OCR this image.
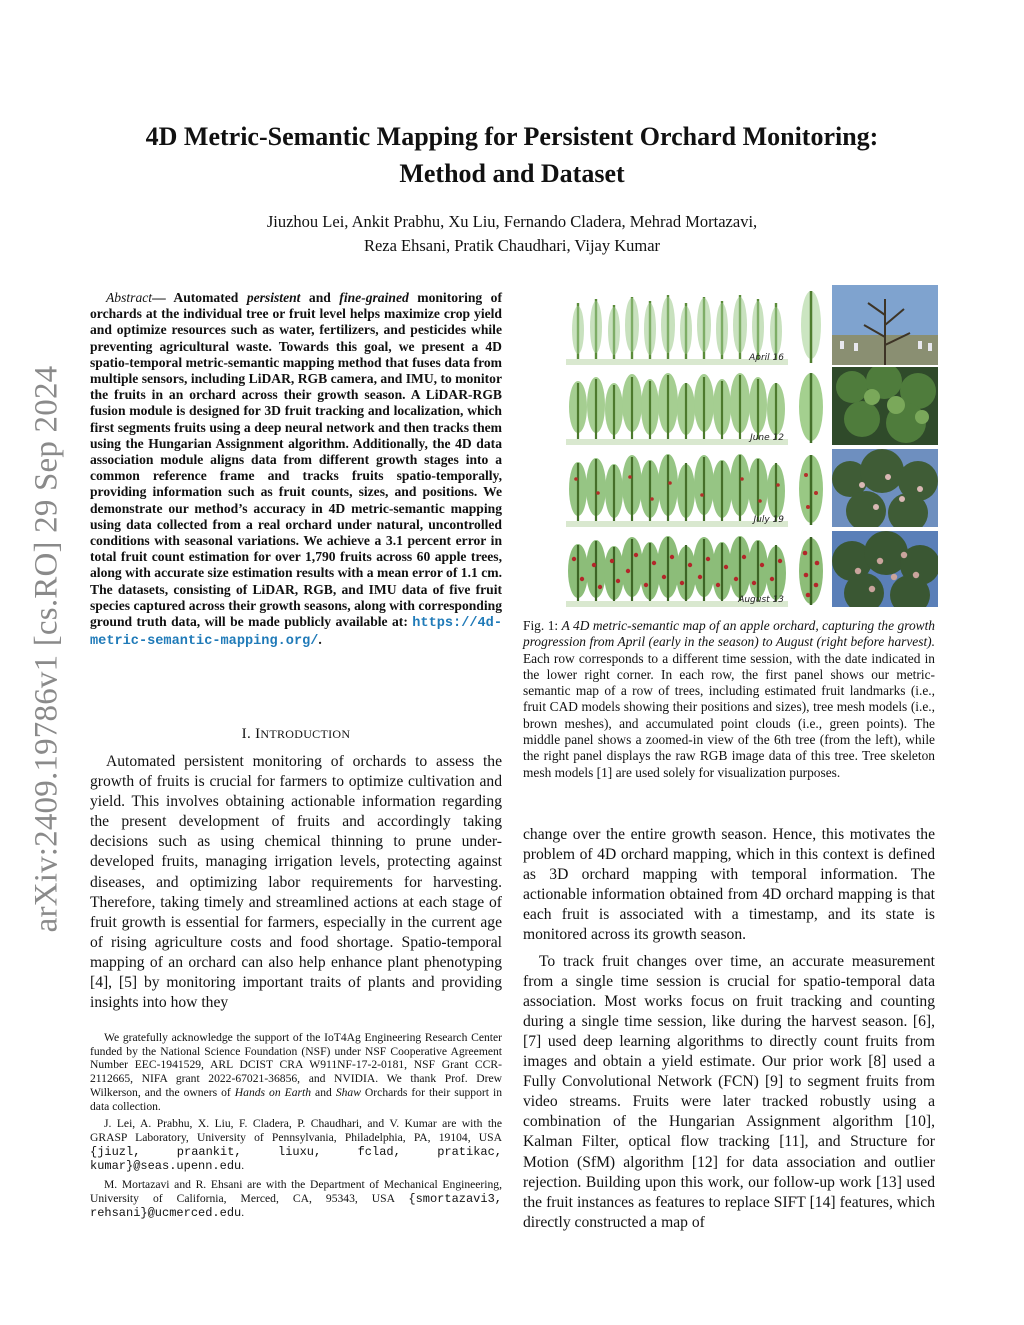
arXiv:2409.19786v1 [cs.RO] 29 Sep 2024
4D Metric-Semantic Mapping for Persistent Orchard Monitoring:
Method and Dataset
Jiuzhou Lei, Ankit Prabhu, Xu Liu, Fernando Cladera, Mehrad Mortazavi,
Reza Ehsani, Pratik Chaudhari, Vijay Kumar
Abstract— Automated persistent and fine-grained monitoring of orchards at the individual tree or fruit level helps maximize crop yield and optimize resources such as water, fertilizers, and pesticides while preventing agricultural waste. Towards this goal, we present a 4D spatio-temporal metric-semantic mapping method that fuses data from multiple sensors, including LiDAR, RGB camera, and IMU, to monitor the fruits in an orchard across their growth season. A LiDAR-RGB fusion module is designed for 3D fruit tracking and localization, which first segments fruits using a deep neural network and then tracks them using the Hungarian Assignment algorithm. Additionally, the 4D data association module aligns data from different growth stages into a common reference frame and tracks fruits spatio-temporally, providing information such as fruit counts, sizes, and positions. We demonstrate our method’s accuracy in 4D metric-semantic mapping using data collected from a real orchard under natural, uncontrolled conditions with seasonal variations. We achieve a 3.1 percent error in total fruit count estimation for over 1,790 fruits across 60 apple trees, along with accurate size estimation results with a mean error of 1.1 cm. The datasets, consisting of LiDAR, RGB, and IMU data of five fruit species captured across their growth seasons, along with corresponding ground truth data, will be made publicly available at: https://4d-metric-semantic-mapping.org/.
I. INTRODUCTION

Automated persistent monitoring of orchards to assess the growth of fruits is crucial for farmers to optimize cultivation and yield. This involves obtaining actionable information regarding the present development of fruits and accordingly taking decisions such as using chemical thinning to prune under-developed fruits, managing irrigation levels, protecting against diseases, and optimizing labor requirements for harvesting. Therefore, taking timely and streamlined actions at each stage of fruit growth is essential for farmers, especially in the current age of rising agriculture costs and food shortage. Spatio-temporal mapping of an orchard can also help enhance plant phenotyping [4], [5] by monitoring important traits of plants and providing insights into how they

We gratefully acknowledge the support of the IoT4Ag Engineering Research Center funded by the National Science Foundation (NSF) under NSF Cooperative Agreement Number EEC-1941529, ARL DCIST CRA W911NF-17-2-0181, NSF Grant CCR-2112665, NIFA grant 2022-67021-36856, and NVIDIA. We thank Prof. Drew Wilkerson, and the owners of Hands on Earth and Shaw Orchards for their support in data collection.

J. Lei, A. Prabhu, X. Liu, F. Cladera, P. Chaudhari, and V. Kumar are with the GRASP Laboratory, University of Pennsylvania, Philadelphia, PA, 19104, USA {jiuzl, praankit, liuxu, fclad, pratikac, kumar}@seas.upenn.edu.

M. Mortazavi and R. Ehsani are with the Department of Mechanical Engineering, University of California, Merced, CA, 95343, USA {smortazavi3, rehsani}@ucmerced.edu.

April 16
June 12
July 19
August 13
Fig. 1: A 4D metric-semantic map of an apple orchard, capturing the growth progression from April (early in the season) to August (right before harvest). Each row corresponds to a different time session, with the date indicated in the lower right corner. In each row, the first panel shows our metric-semantic map of a row of trees, including estimated fruit landmarks (i.e., fruit CAD models showing their positions and sizes), tree mesh models (i.e., brown meshes), and accumulated point clouds (i.e., green points). The middle panel shows a zoomed-in view of the 6th tree (from the left), while the right panel displays the raw RGB image data of this tree. Tree skeleton mesh models [1] are used solely for visualization purposes.

change over the entire growth season. Hence, this motivates the problem of 4D orchard mapping, which in this context is defined as 3D orchard mapping with temporal information. The actionable information obtained from 4D orchard mapping is that each fruit is associated with a timestamp, and its state is monitored across its growth season.

To track fruit changes over time, an accurate measurement from a single time session is crucial for spatio-temporal data association. Most works focus on fruit tracking and counting during a single time session, like during the harvest season. [6], [7] used deep learning algorithms to directly count fruits from images and obtain a yield estimate. Our prior work [8] used a Fully Convolutional Network (FCN) [9] to segment fruits from video streams. Fruits were later tracked robustly using a combination of the Hungarian Assignment algorithm [10], Kalman Filter, optical flow tracking [11], and Structure for Motion (SfM) algorithm [12] for data association and outlier rejection. Building upon this work, our follow-up work [13] used the fruit instances as features to replace SIFT [14] features, which directly constructed a map of
